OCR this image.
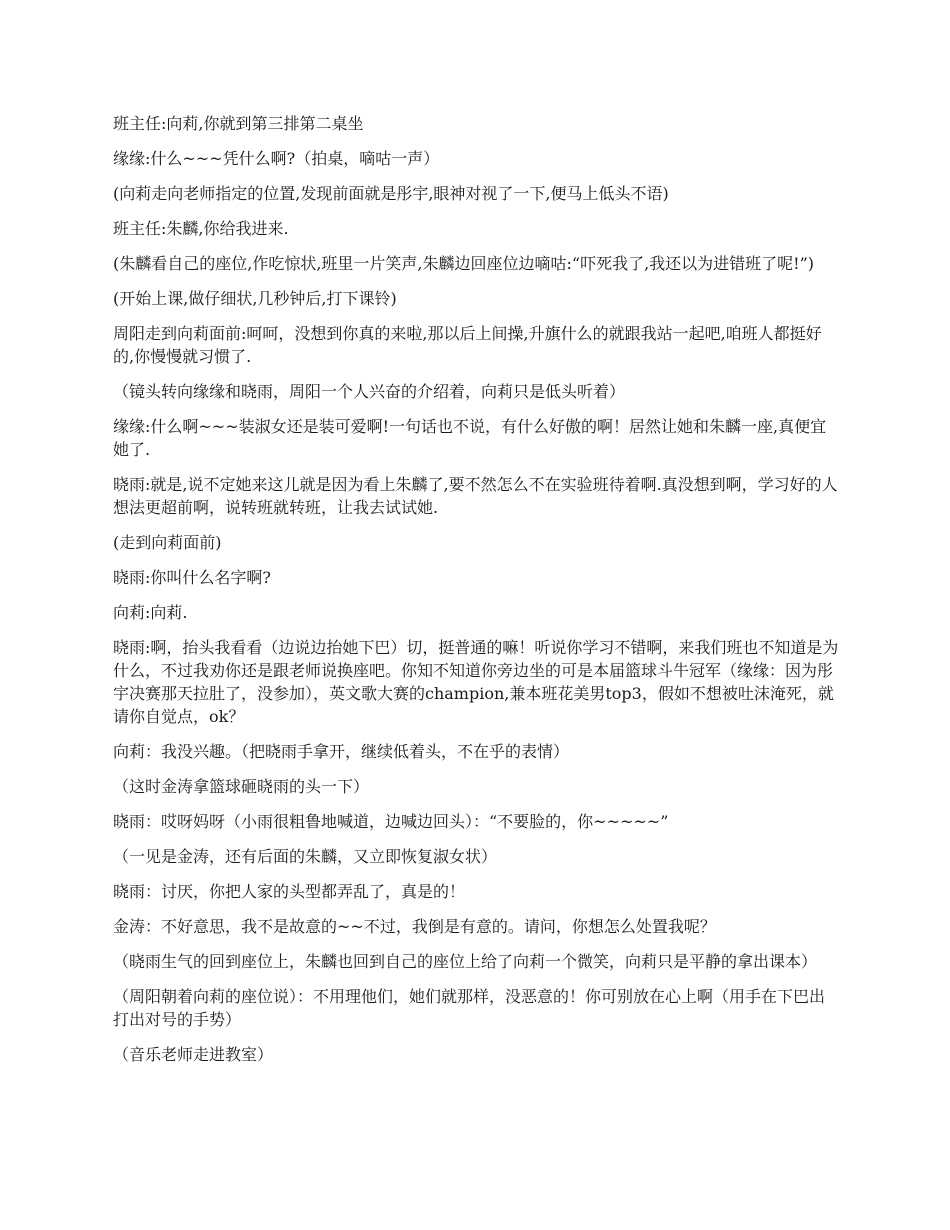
班主任:向莉,你就到第三排第二桌坐

缘缘:什么~~~凭什么啊?（拍桌，嘀咕一声）

(向莉走向老师指定的位置,发现前面就是彤宇,眼神对视了一下,便马上低头不语)

班主任:朱麟,你给我进来.

(朱麟看自己的座位,作吃惊状,班里一片笑声,朱麟边回座位边嘀咕:“吓死我了,我还以为进错班了呢!”)

(开始上课,做仔细状,几秒钟后,打下课铃)

周阳走到向莉面前:呵呵，没想到你真的来啦,那以后上间操,升旗什么的就跟我站一起吧,咱班人都挺好的,你慢慢就习惯了.

（镜头转向缘缘和晓雨，周阳一个人兴奋的介绍着，向莉只是低头听着）

缘缘:什么啊~~~装淑女还是装可爱啊!一句话也不说，有什么好傲的啊！居然让她和朱麟一座,真便宜她了.

晓雨:就是,说不定她来这儿就是因为看上朱麟了,要不然怎么不在实验班待着啊.真没想到啊，学习好的人想法更超前啊，说转班就转班，让我去试试她.

(走到向莉面前)

晓雨:你叫什么名字啊?

向莉:向莉.

晓雨:啊，抬头我看看（边说边抬她下巴）切，挺普通的嘛！听说你学习不错啊，来我们班也不知道是为什么，不过我劝你还是跟老师说换座吧。你知不知道你旁边坐的可是本届篮球斗牛冠军（缘缘：因为彤宇决赛那天拉肚了，没参加），英文歌大赛的champion,兼本班花美男top3，假如不想被吐沫淹死，就请你自觉点，ok？

向莉：我没兴趣。（把晓雨手拿开，继续低着头，不在乎的表情）

（这时金涛拿篮球砸晓雨的头一下）

晓雨：哎呀妈呀（小雨很粗鲁地喊道，边喊边回头）：“不要脸的，你~~~~~”

（一见是金涛，还有后面的朱麟，又立即恢复淑女状）

晓雨：讨厌，你把人家的头型都弄乱了，真是的！

金涛：不好意思，我不是故意的~~不过，我倒是有意的。请问，你想怎么处置我呢？

（晓雨生气的回到座位上，朱麟也回到自己的座位上给了向莉一个微笑，向莉只是平静的拿出课本）

（周阳朝着向莉的座位说）：不用理他们，她们就那样，没恶意的！你可别放在心上啊（用手在下巴出打出对号的手势）

（音乐老师走进教室）
